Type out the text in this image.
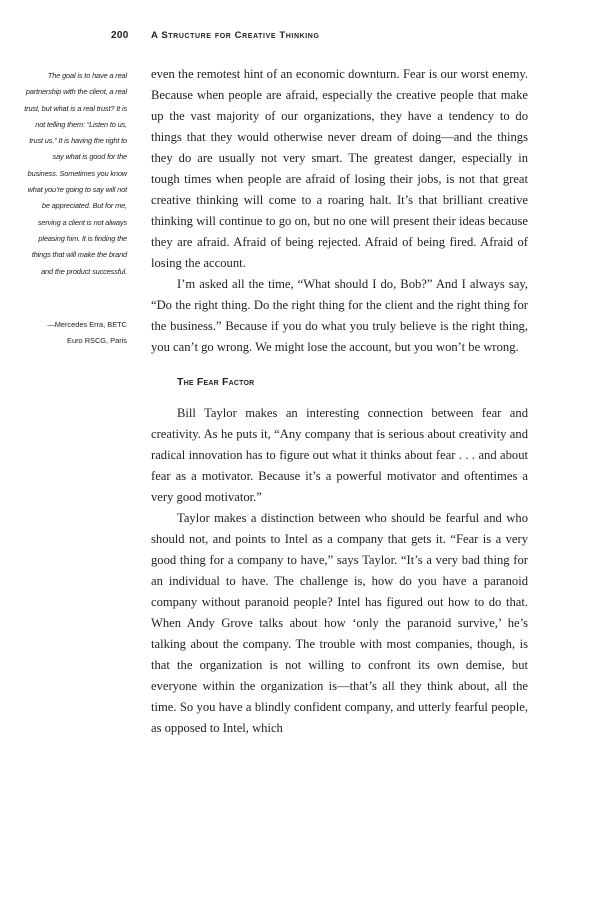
200 A Structure for Creative Thinking

The goal is to have a real partnership with the client, a real trust, but what is a real trust? It is not telling them: “Listen to us, trust us.” It is having the right to say what is good for the business. Sometimes you know what you’re going to say will not be appreciated. But for me, serving a client is not always pleasing him. It is finding the things that will make the brand and the product successful.

—Mercedes Erra, BETC
Euro RSCG, Paris

even the remotest hint of an economic downturn. Fear is our worst enemy. Because when people are afraid, especially the creative people that make up the vast majority of our organizations, they have a tendency to do things that they would otherwise never dream of doing—and the things they do are usually not very smart. The greatest danger, especially in tough times when people are afraid of losing their jobs, is not that great creative thinking will come to a roaring halt. It’s that brilliant creative thinking will continue to go on, but no one will present their ideas because they are afraid. Afraid of being rejected. Afraid of being fired. Afraid of losing the account.

I’m asked all the time, “What should I do, Bob?” And I always say, “Do the right thing. Do the right thing for the client and the right thing for the business.” Because if you do what you truly believe is the right thing, you can’t go wrong. We might lose the account, but you won’t be wrong.

The Fear Factor

Bill Taylor makes an interesting connection between fear and creativity. As he puts it, “Any company that is serious about creativity and radical innovation has to figure out what it thinks about fear . . . and about fear as a motivator. Because it’s a powerful motivator and oftentimes a very good motivator.”

Taylor makes a distinction between who should be fearful and who should not, and points to Intel as a company that gets it. “Fear is a very good thing for a company to have,” says Taylor. “It’s a very bad thing for an individual to have. The challenge is, how do you have a paranoid company without paranoid people? Intel has figured out how to do that. When Andy Grove talks about how ‘only the paranoid survive,’ he’s talking about the company. The trouble with most companies, though, is that the organization is not willing to confront its own demise, but everyone within the organization is—that’s all they think about, all the time. So you have a blindly confident company, and utterly fearful people, as opposed to Intel, which
